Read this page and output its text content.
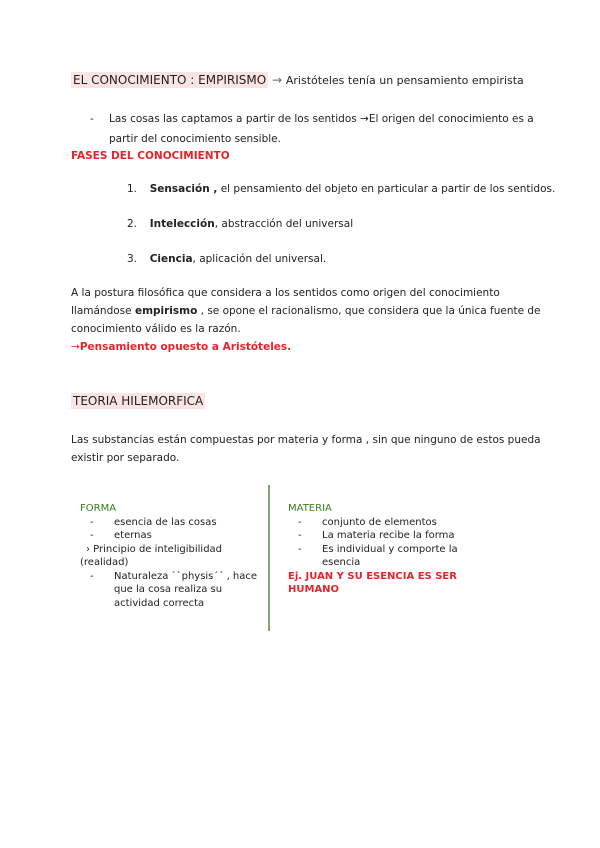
EL CONOCIMIENTO : EMPIRISMO → Aristóteles tenía un pensamiento empirista
- Las cosas las captamos a partir de los sentidos →El origen del conocimiento es a
partir del conocimiento sensible.
FASES DEL CONOCIMIENTO
1. Sensación , el pensamiento del objeto en particular a partir de los sentidos.
2. Intelección, abstracción del universal
3. Ciencia, aplicación del universal.
A la postura filosófica que considera a los sentidos como origen del conocimiento
llamándose empirismo , se opone el racionalismo, que considera que la única fuente de
conocimiento válido es la razón.
→Pensamiento opuesto a Aristóteles.
TEORIA HILEMORFICA
Las substancias están compuestas por materia y forma , sin que ninguno de estos pueda
existir por separado.
FORMA
- esencia de las cosas
- eternas
› Principio de inteligibilidad
(realidad)
- Naturaleza ``physis´´ , hace
que la cosa realiza su
actividad correcta
MATERIA
- conjunto de elementos
- La materia recibe la forma
- Es individual y comporte la
esencia
Ej. JUAN Y SU ESENCIA ES SER
HUMANO
